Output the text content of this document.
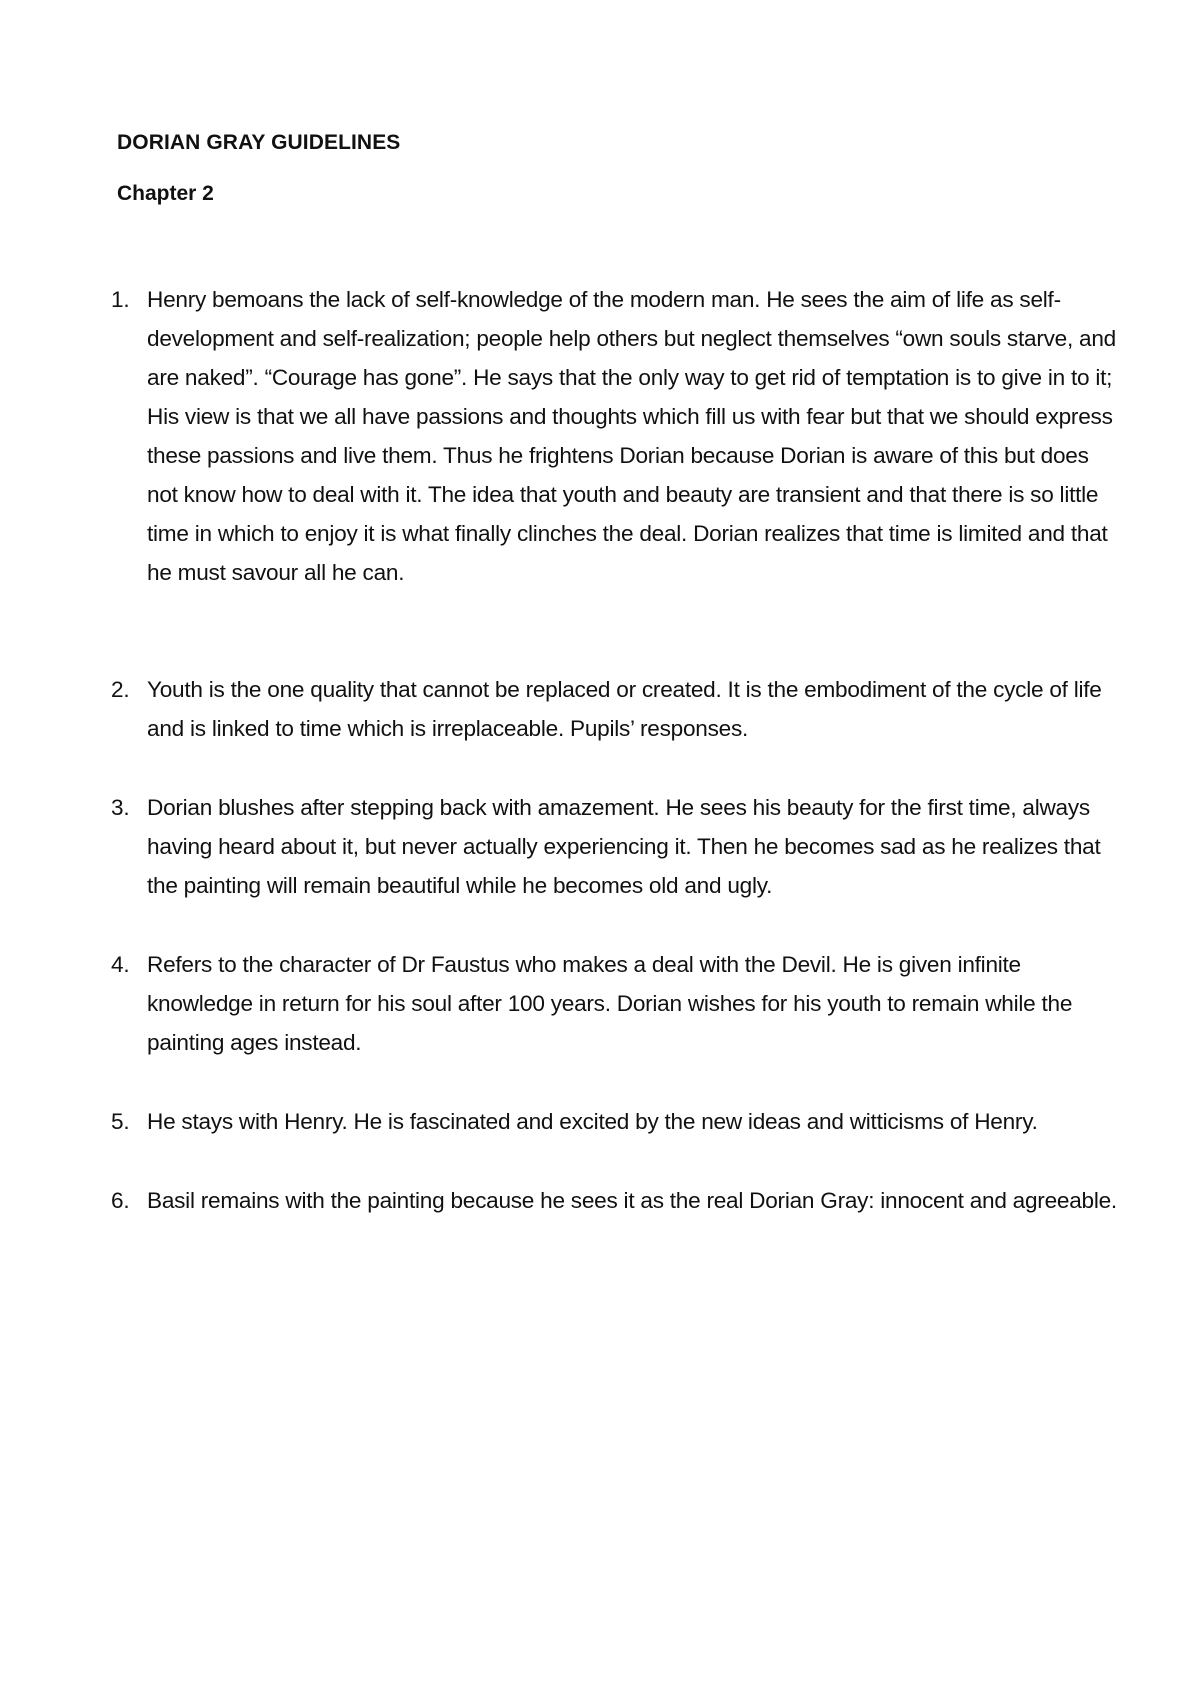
DORIAN GRAY GUIDELINES
Chapter 2
1. Henry bemoans the lack of self-knowledge of the modern man. He sees the aim of life as self-development and self-realization; people help others but neglect themselves “own souls starve, and are naked”. “Courage has gone”. He says that the only way to get rid of temptation is to give in to it; His view is that we all have passions and thoughts which fill us with fear but that we should express these passions and live them. Thus he frightens Dorian because Dorian is aware of this but does not know how to deal with it. The idea that youth and beauty are transient and that there is so little time in which to enjoy it is what finally clinches the deal. Dorian realizes that time is limited and that he must savour all he can.
2. Youth is the one quality that cannot be replaced or created. It is the embodiment of the cycle of life and is linked to time which is irreplaceable. Pupils’ responses.
3. Dorian blushes after stepping back with amazement. He sees his beauty for the first time, always having heard about it, but never actually experiencing it. Then he becomes sad as he realizes that the painting will remain beautiful while he becomes old and ugly.
4. Refers to the character of Dr Faustus who makes a deal with the Devil. He is given infinite knowledge in return for his soul after 100 years. Dorian wishes for his youth to remain while the painting ages instead.
5. He stays with Henry. He is fascinated and excited by the new ideas and witticisms of Henry.
6. Basil remains with the painting because he sees it as the real Dorian Gray: innocent and agreeable.
